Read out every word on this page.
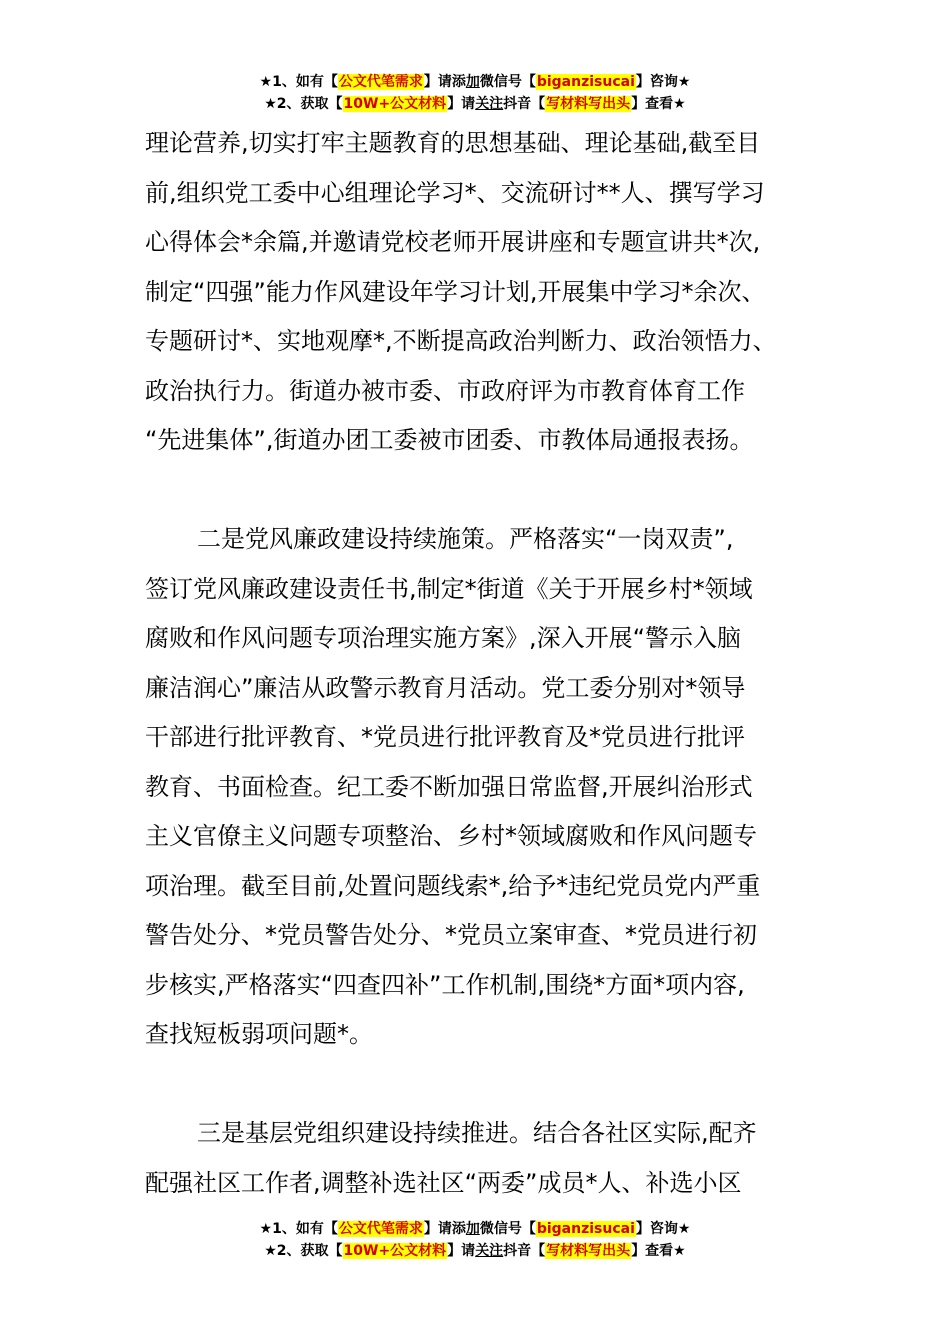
★1、如有【公文代笔需求】请添加微信号【biganzisucai】咨询★
★2、获取【10W+公文材料】请关注抖音【写材料写出头】查看★
理论营养,切实打牢主题教育的思想基础、理论基础,截至目
前,组织党工委中心组理论学习*、交流研讨**人、撰写学习
心得体会*余篇,并邀请党校老师开展讲座和专题宣讲共*次,
制定“四强”能力作风建设年学习计划,开展集中学习*余次、
专题研讨*、实地观摩*,不断提高政治判断力、政治领悟力、
政治执行力。街道办被市委、市政府评为市教育体育工作
“先进集体”,街道办团工委被市团委、市教体局通报表扬。
二是党风廉政建设持续施策。严格落实“一岗双责”,
签订党风廉政建设责任书,制定*街道《关于开展乡村*领域
腐败和作风问题专项治理实施方案》,深入开展“警示入脑
廉洁润心”廉洁从政警示教育月活动。党工委分别对*领导
干部进行批评教育、*党员进行批评教育及*党员进行批评
教育、书面检查。纪工委不断加强日常监督,开展纠治形式
主义官僚主义问题专项整治、乡村*领域腐败和作风问题专
项治理。截至目前,处置问题线索*,给予*违纪党员党内严重
警告处分、*党员警告处分、*党员立案审查、*党员进行初
步核实,严格落实“四查四补”工作机制,围绕*方面*项内容,
查找短板弱项问题*。
三是基层党组织建设持续推进。结合各社区实际,配齐
配强社区工作者,调整补选社区“两委”成员*人、补选小区
★1、如有【公文代笔需求】请添加微信号【biganzisucai】咨询★
★2、获取【10W+公文材料】请关注抖音【写材料写出头】查看★
